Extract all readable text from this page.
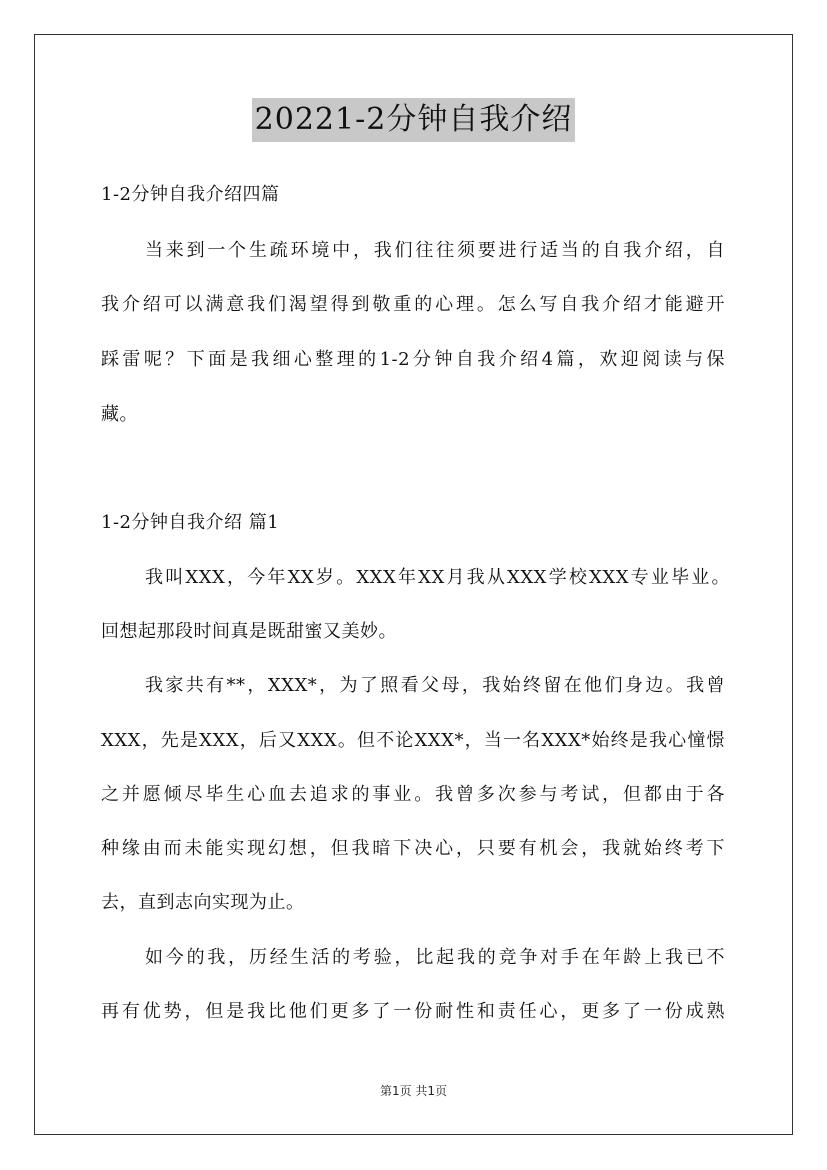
20221-2分钟自我介绍
1-2分钟自我介绍四篇
当来到一个生疏环境中，我们往往须要进行适当的自我介绍，自
我介绍可以满意我们渴望得到敬重的心理。怎么写自我介绍才能避开
踩雷呢？下面是我细心整理的1-2分钟自我介绍4篇，欢迎阅读与保
藏。
1-2分钟自我介绍 篇1
我叫XXX，今年XX岁。XXX年XX月我从XXX学校XXX专业毕业。
回想起那段时间真是既甜蜜又美妙。
我家共有**，XXX*，为了照看父母，我始终留在他们身边。我曾
XXX，先是XXX，后又XXX。但不论XXX*，当一名XXX*始终是我心憧憬
之并愿倾尽毕生心血去追求的事业。我曾多次参与考试，但都由于各
种缘由而未能实现幻想，但我暗下决心，只要有机会，我就始终考下
去，直到志向实现为止。
如今的我，历经生活的考验，比起我的竞争对手在年龄上我已不
再有优势，但是我比他们更多了一份耐性和责任心，更多了一份成熟
第1页 共1页
